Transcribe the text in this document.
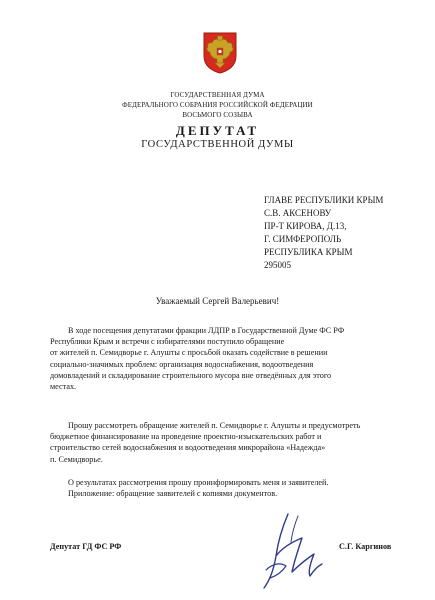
ГОСУДАРСТВЕННАЯ ДУМА
ФЕДЕРАЛЬНОГО СОБРАНИЯ РОССИЙСКОЙ ФЕДЕРАЦИИ
ВОСЬМОГО СОЗЫВА
ДЕПУТАТ
ГОСУДАРСТВЕННОЙ ДУМЫ
ГЛАВЕ РЕСПУБЛИКИ КРЫМ
С.В. АКСЕНОВУ
ПР-Т КИРОВА, Д.13,
Г. СИМФЕРОПОЛЬ
РЕСПУБЛИКА КРЫМ
295005
Уважаемый Сергей Валерьевич!
В ходе посещения депутатами фракции ЛДПР в Государственной Думе ФС РФ
Республики Крым и встречи с избирателями поступило обращение
от жителей п. Семидворье г. Алушты с просьбой оказать содействие в решении
социально-значимых проблем: организация водоснабжения, водоотведения
домовладений и складирование строительного мусора вне отведённых для этого
местах.
Прошу рассмотреть обращение жителей п. Семидворье г. Алушты и предусмотреть
бюджетное финансирование на проведение проектно-изыскательских работ и
строительство сетей водоснабжения и водоотведения микрорайона «Надежда»
п. Семидворье.
О результатах рассмотрения прошу проинформировать меня и заявителей.
Приложение: обращение заявителей с копиями документов.
Депутат ГД ФС РФ	С.Г. Каргинов
